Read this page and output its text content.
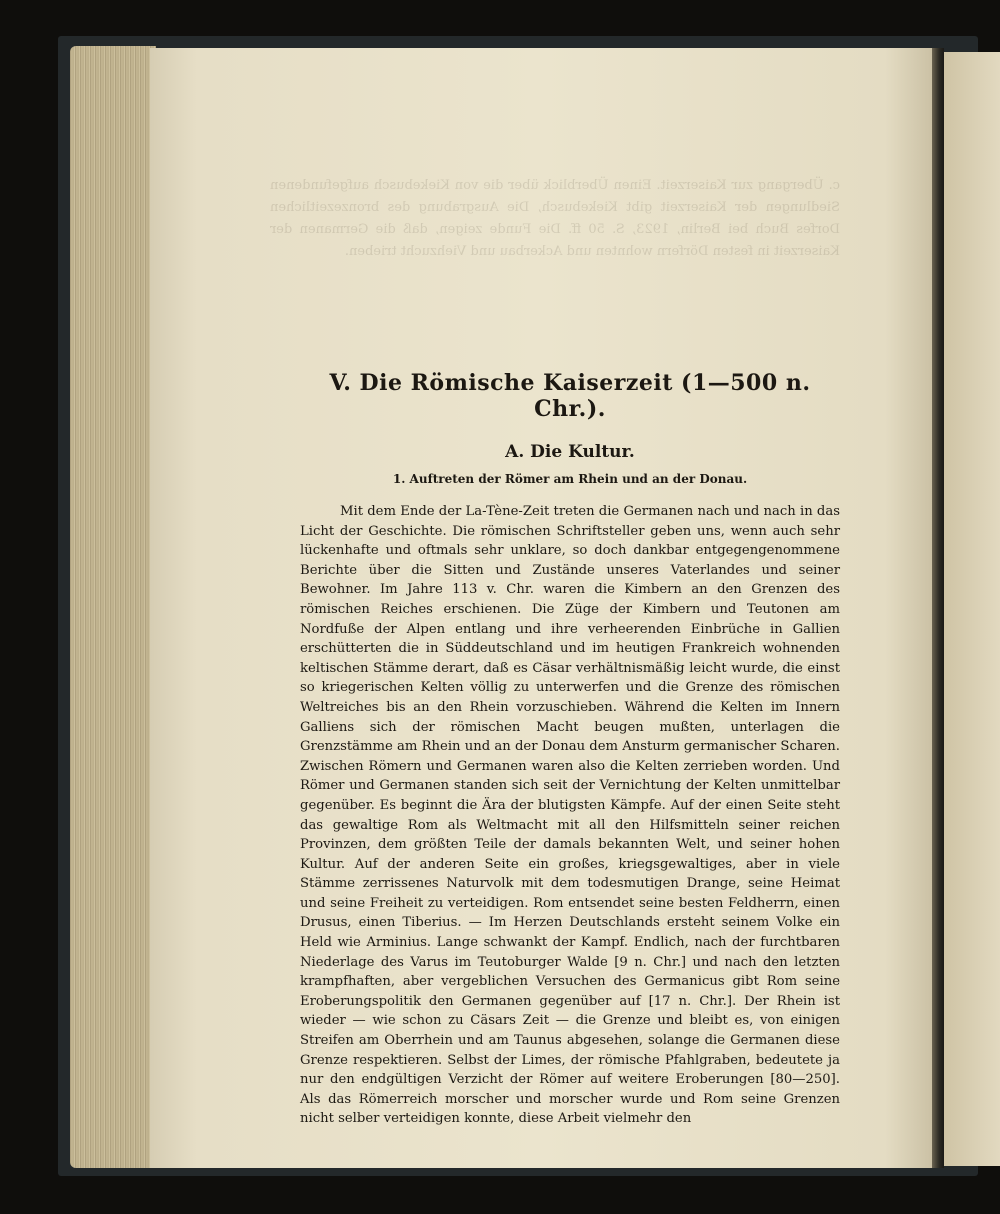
c. Übergang zur Kaiserzeit. Einen Überblick über die von Kiekebusch aufgefundenen Siedlungen der Kaiserzeit gibt Kiekebusch, Die Ausgrabung des bronzezeitlichen Dorfes Buch bei Berlin, 1923, S. 50 ff. Die Funde zeigen, daß die Germanen der Kaiserzeit in festen Dörfern wohnten und Ackerbau und Viehzucht trieben.
V. Die Römische Kaiserzeit (1—500 n. Chr.).
A. Die Kultur.
1. Auftreten der Römer am Rhein und an der Donau.

Mit dem Ende der La-Tène-Zeit treten die Germanen nach und nach in das Licht der Geschichte. Die römischen Schriftsteller geben uns, wenn auch sehr lückenhafte und oftmals sehr unklare, so doch dankbar entgegengenommene Berichte über die Sitten und Zustände unseres Vaterlandes und seiner Bewohner. Im Jahre 113 v. Chr. waren die Kimbern an den Grenzen des römischen Reiches erschienen. Die Züge der Kimbern und Teutonen am Nordfuße der Alpen entlang und ihre verheerenden Einbrüche in Gallien erschütterten die in Süddeutschland und im heutigen Frankreich wohnenden keltischen Stämme derart, daß es Cäsar verhältnismäßig leicht wurde, die einst so kriegerischen Kelten völlig zu unterwerfen und die Grenze des römischen Weltreiches bis an den Rhein vorzuschieben. Während die Kelten im Innern Galliens sich der römischen Macht beugen mußten, unterlagen die Grenzstämme am Rhein und an der Donau dem Ansturm germanischer Scharen. Zwischen Römern und Germanen waren also die Kelten zerrieben worden. Und Römer und Germanen standen sich seit der Vernichtung der Kelten unmittelbar gegenüber. Es beginnt die Ära der blutigsten Kämpfe. Auf der einen Seite steht das gewaltige Rom als Weltmacht mit all den Hilfsmitteln seiner reichen Provinzen, dem größten Teile der damals bekannten Welt, und seiner hohen Kultur. Auf der anderen Seite ein großes, kriegsgewaltiges, aber in viele Stämme zerrissenes Naturvolk mit dem todesmutigen Drange, seine Heimat und seine Freiheit zu verteidigen. Rom entsendet seine besten Feldherrn, einen Drusus, einen Tiberius. — Im Herzen Deutschlands ersteht seinem Volke ein Held wie Arminius. Lange schwankt der Kampf. Endlich, nach der furchtbaren Niederlage des Varus im Teutoburger Walde [9 n. Chr.] und nach den letzten krampfhaften, aber vergeblichen Versuchen des Germanicus gibt Rom seine Eroberungspolitik den Germanen gegenüber auf [17 n. Chr.]. Der Rhein ist wieder — wie schon zu Cäsars Zeit — die Grenze und bleibt es, von einigen Streifen am Oberrhein und am Taunus abgesehen, solange die Germanen diese Grenze respektieren. Selbst der Limes, der römische Pfahlgraben, bedeutete ja nur den endgültigen Verzicht der Römer auf weitere Eroberungen [80—250]. Als das Römerreich morscher und morscher wurde und Rom seine Grenzen nicht selber verteidigen konnte, diese Arbeit vielmehr den
